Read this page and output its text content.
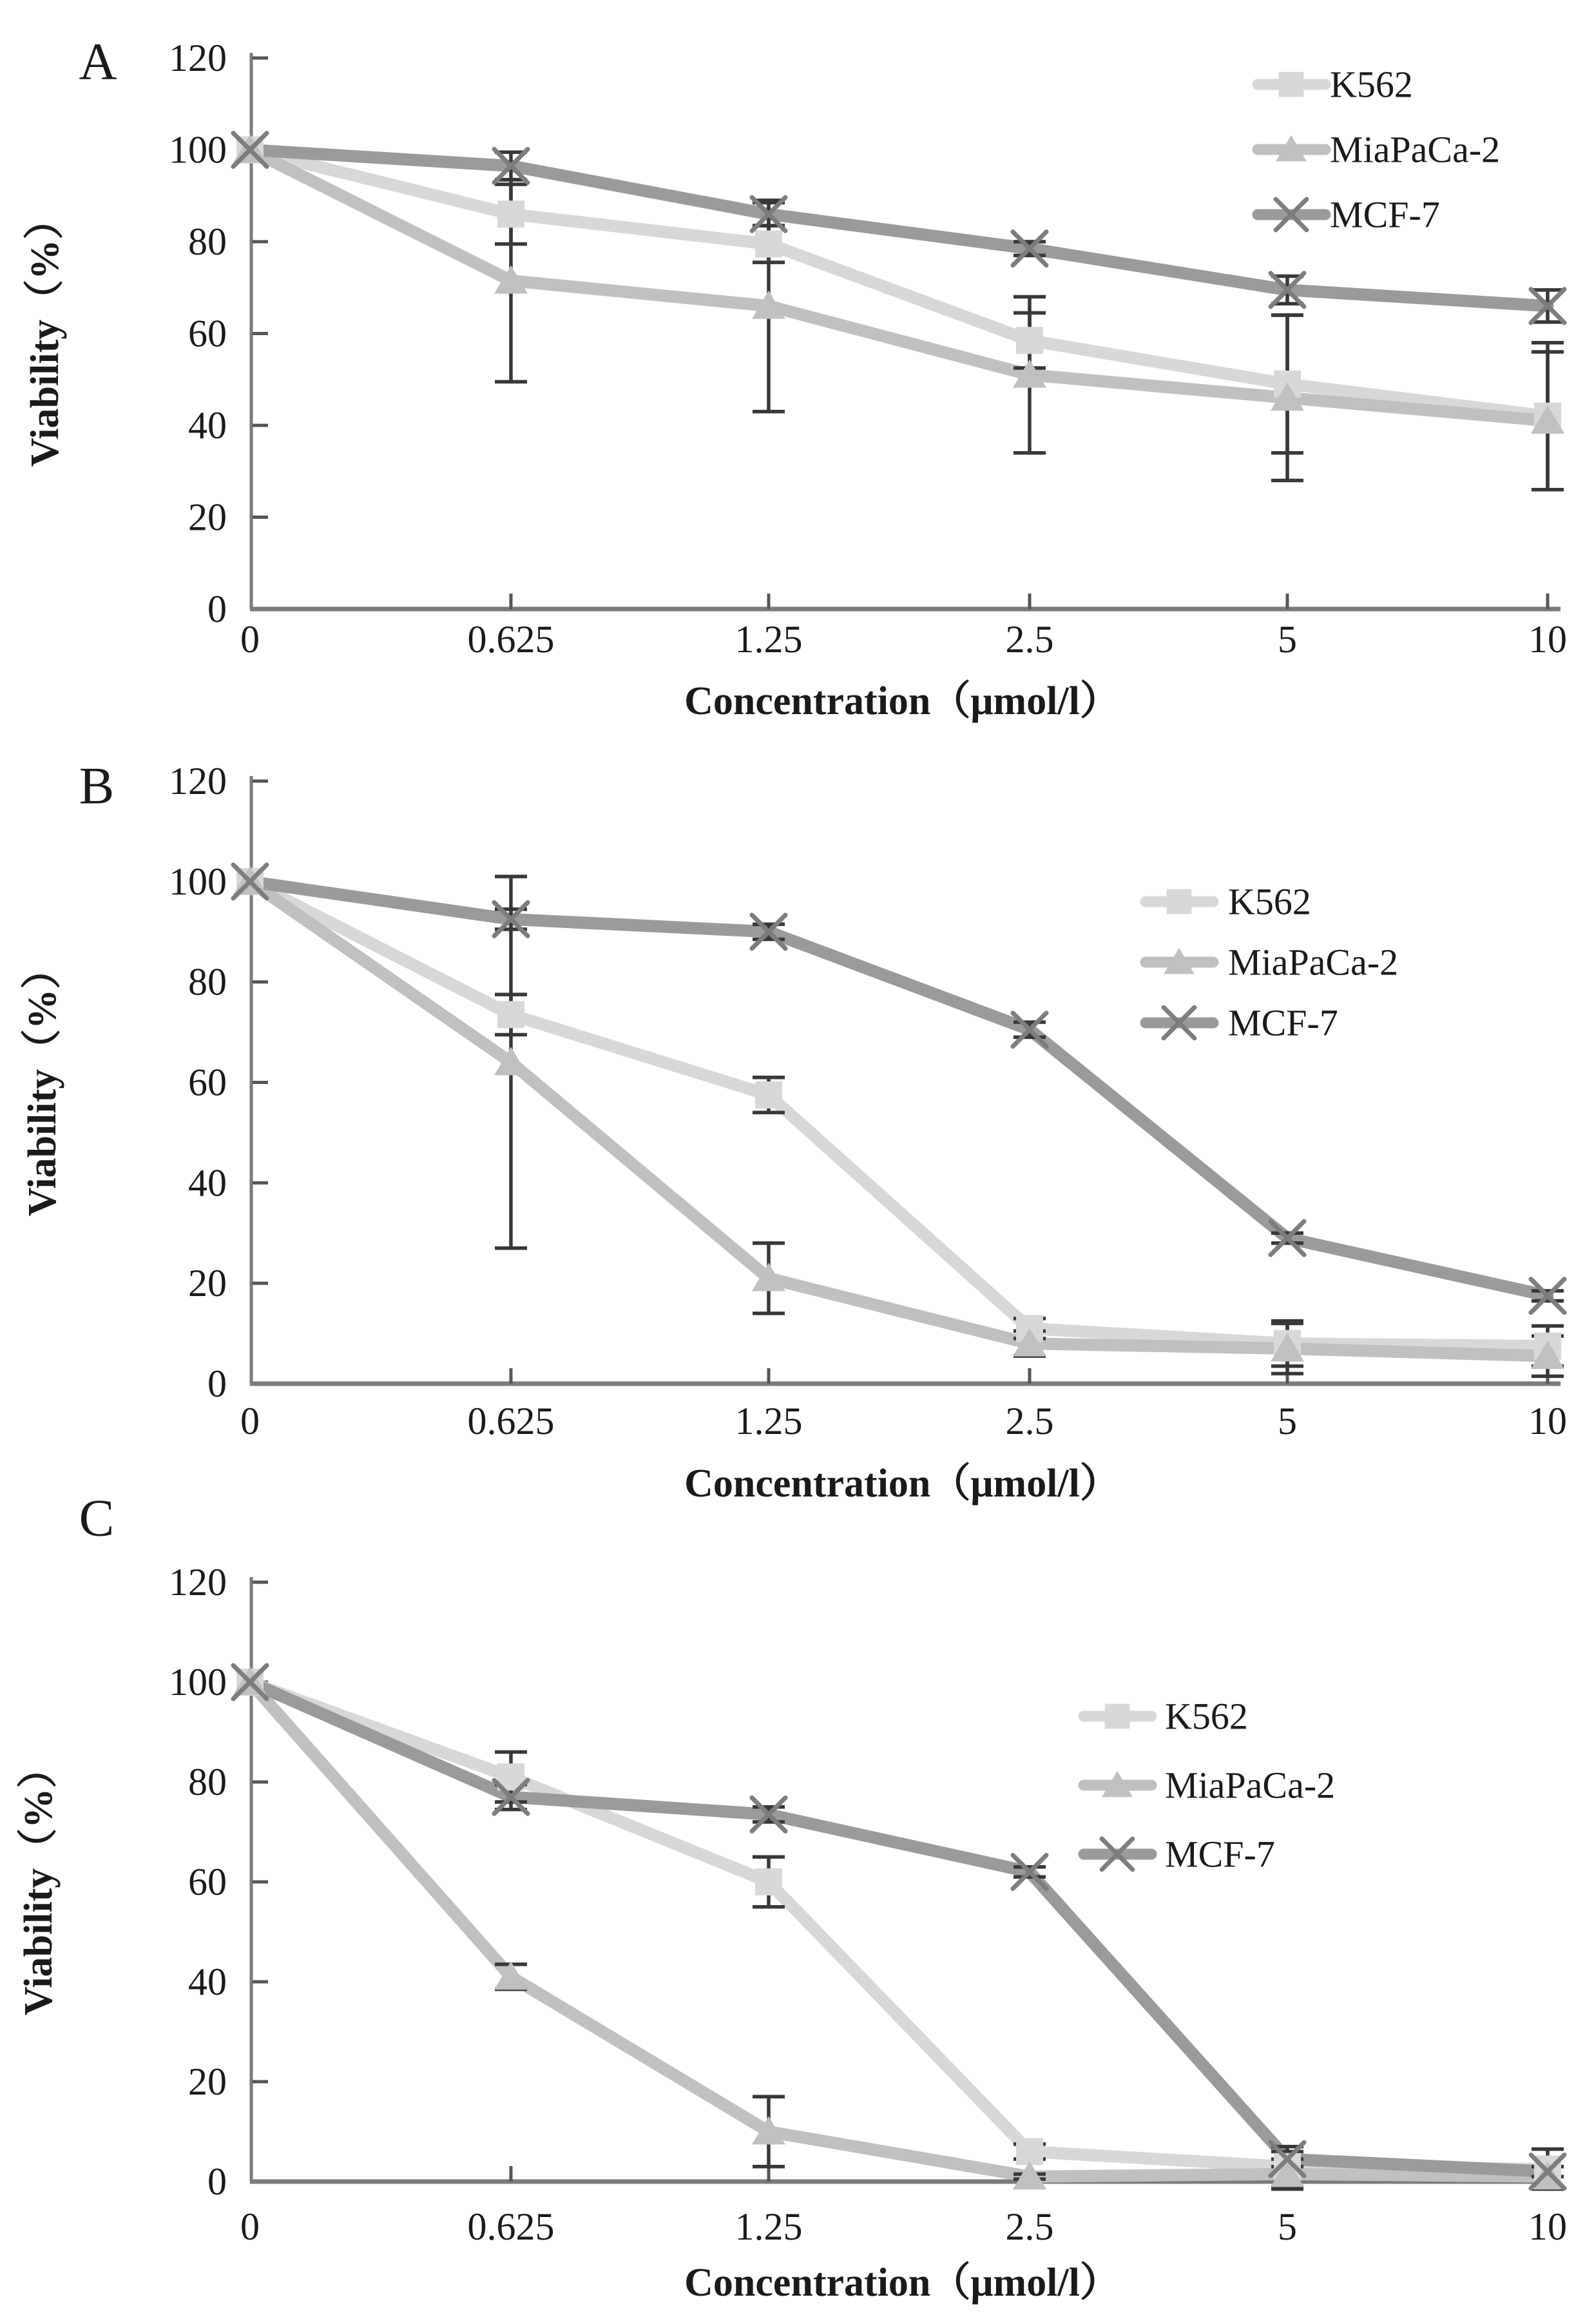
A
0
20
40
60
80
100
120
0	0.625	1.25	2.5	5	10
Viability（%）
Concentration（μmol/l）
K562
MiaPaCa-2
MCF-7
B
0
20
40
60
80
100
120
0	0.625	1.25	2.5	5	10
Viability（%）
Concentration（μmol/l）
K562
MiaPaCa-2
MCF-7
C
0
20
40
60
80
100
120
0	0.625	1.25	2.5	5	10
Viability（%）
Concentration（μmol/l）
K562
MiaPaCa-2
MCF-7
